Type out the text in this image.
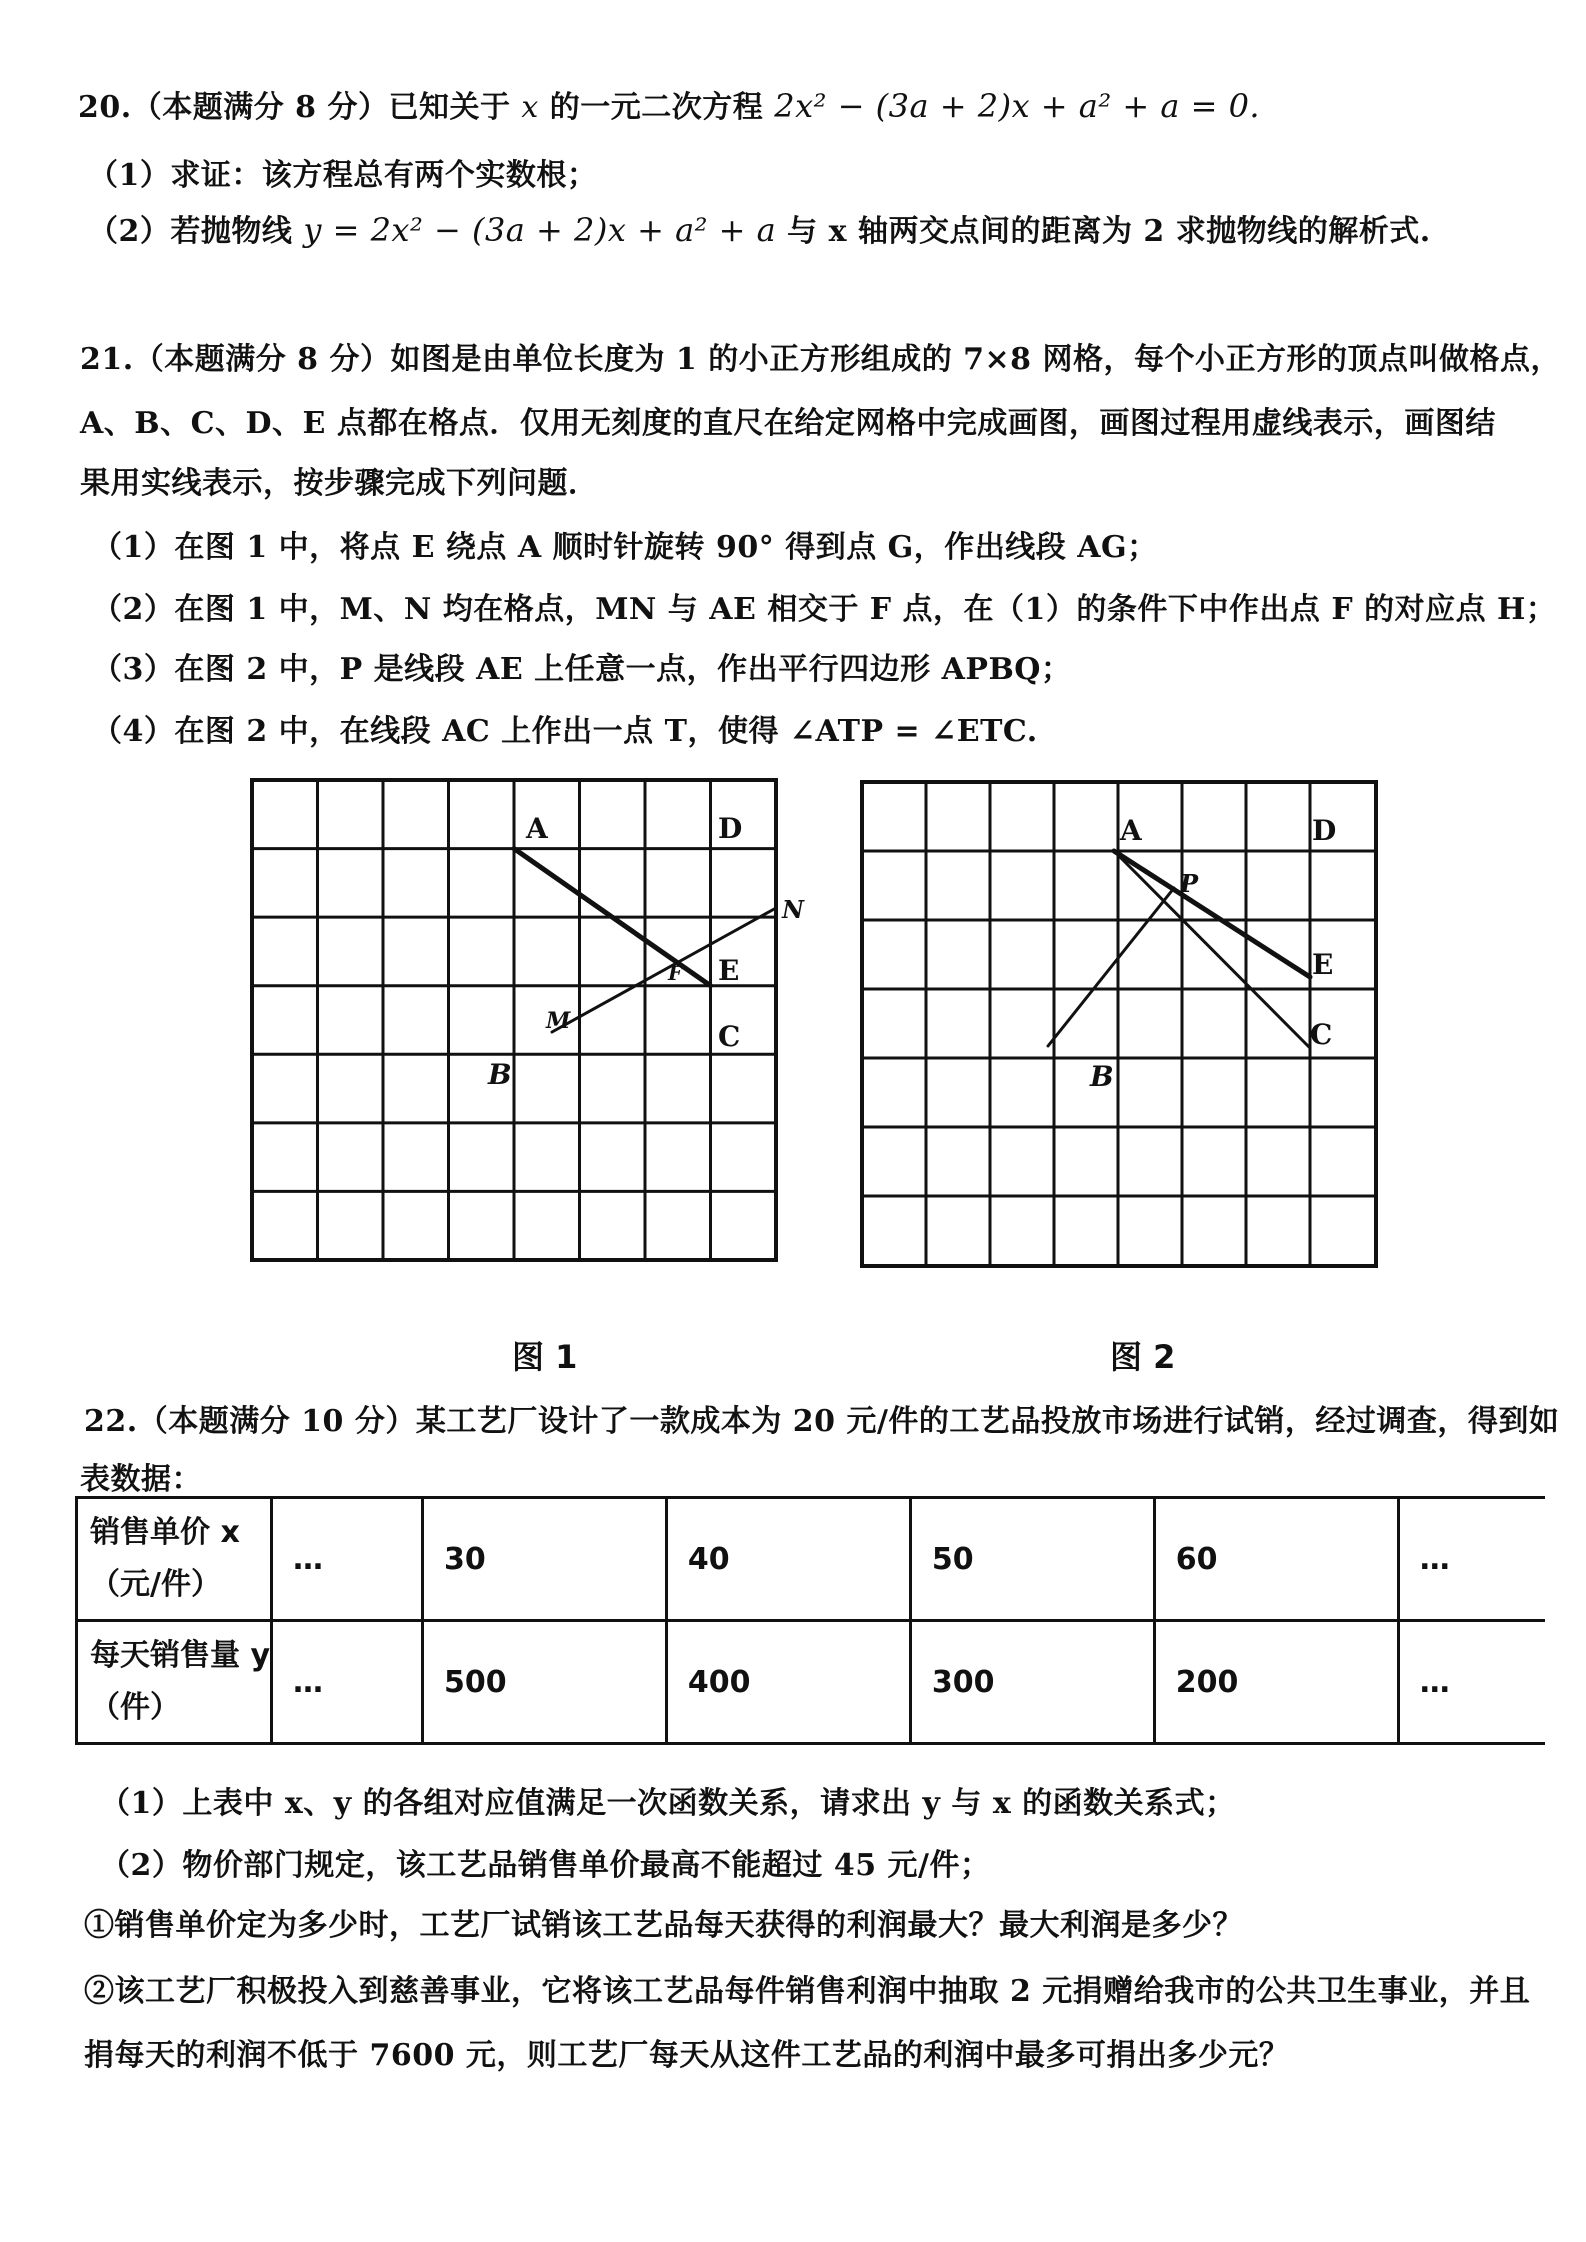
20.（本题满分 8 分）已知关于 x 的一元二次方程 2x² − (3a + 2)x + a² + a = 0.
（1）求证：该方程总有两个实数根；
（2）若抛物线 y = 2x² − (3a + 2)x + a² + a 与 x 轴两交点间的距离为 2 求抛物线的解析式.
21.（本题满分 8 分）如图是由单位长度为 1 的小正方形组成的 7×8 网格，每个小正方形的顶点叫做格点，
A、B、C、D、E 点都在格点．仅用无刻度的直尺在给定网格中完成画图，画图过程用虚线表示，画图结
果用实线表示，按步骤完成下列问题．
（1）在图 1 中，将点 E 绕点 A 顺时针旋转 90° 得到点 G，作出线段 AG；
（2）在图 1 中，M、N 均在格点，MN 与 AE 相交于 F 点，在（1）的条件下中作出点 F 的对应点 H；
（3）在图 2 中，P 是线段 AE 上任意一点，作出平行四边形 APBQ；
（4）在图 2 中，在线段 AC 上作出一点 T，使得 ∠ATP = ∠ETC.
A	D
N
M
F E
C
B
A	D
P
E
C
B
图 1	图 2
22.（本题满分 10 分）某工艺厂设计了一款成本为 20 元/件的工艺品投放市场进行试销，经过调查，得到如
表数据：
销售单价 x
（元/件）	…	30	40	50	60	…

每天销售量 y
（件）	…	500	400	300	200	…
（1）上表中 x、y 的各组对应值满足一次函数关系，请求出 y 与 x 的函数关系式；
（2）物价部门规定，该工艺品销售单价最高不能超过 45 元/件；
①销售单价定为多少时，工艺厂试销该工艺品每天获得的利润最大？最大利润是多少？
②该工艺厂积极投入到慈善事业，它将该工艺品每件销售利润中抽取 2 元捐赠给我市的公共卫生事业，并且
捐每天的利润不低于 7600 元，则工艺厂每天从这件工艺品的利润中最多可捐出多少元？
